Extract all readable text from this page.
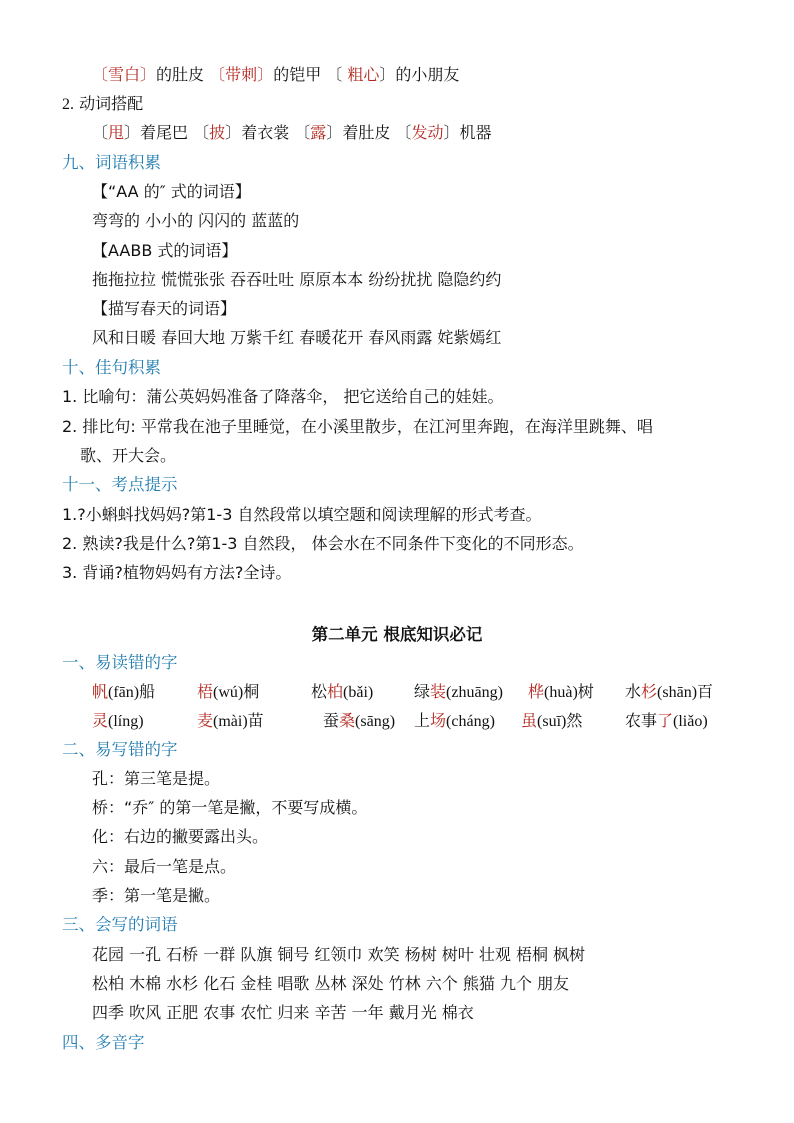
〔雪白〕的肚皮 〔带刺〕的铠甲 〔 粗心〕的小朋友
2. 动词搭配
〔甩〕着尾巴 〔披〕着衣裳 〔露〕着肚皮 〔发动〕机器
九、词语积累
【“AA 的″ 式的词语】
弯弯的 小小的 闪闪的 蓝蓝的
【AABB 式的词语】
拖拖拉拉 慌慌张张 吞吞吐吐 原原本本 纷纷扰扰 隐隐约约
【描写春天的词语】
风和日暖 春回大地 万紫千红 春暖花开 春风雨露 姹紫嫣红
十、佳句积累
1. 比喻句：蒲公英妈妈准备了降落伞， 把它送给自己的娃娃。
2. 排比句: 平常我在池子里睡觉，在小溪里散步，在江河里奔跑，在海洋里跳舞、唱
歌、开大会。
十一、考点提示
1.?小蝌蚪找妈妈?第1-3 自然段常以填空题和阅读理解的形式考查。
2. 熟读?我是什么?第1-3 自然段， 体会水在不同条件下变化的不同形态。
3. 背诵?植物妈妈有方法?全诗。
第二单元 根底知识必记
一、易读错的字
帆(fān)船	梧(wú)桐	松柏(bǎi)	绿装(zhuāng) 桦(huà)树 水杉(shān)百
灵(líng)	麦(mài)苗	蚕桑(sāng) 上场(cháng) 虽(suī)然	农事了(liǎo)
二、易写错的字
孔：第三笔是提。
桥：“乔″ 的第一笔是撇，不要写成横。
化：右边的撇要露出头。
六：最后一笔是点。
季：第一笔是撇。
三、会写的词语
花园 一孔 石桥 一群 队旗 铜号 红领巾 欢笑 杨树 树叶 壮观 梧桐 枫树
松柏 木棉 水杉 化石 金桂 唱歌 丛林 深处 竹林 六个 熊猫 九个 朋友
四季 吹风 正肥 农事 农忙 归来 辛苦 一年 戴月光 棉衣
四、多音字
